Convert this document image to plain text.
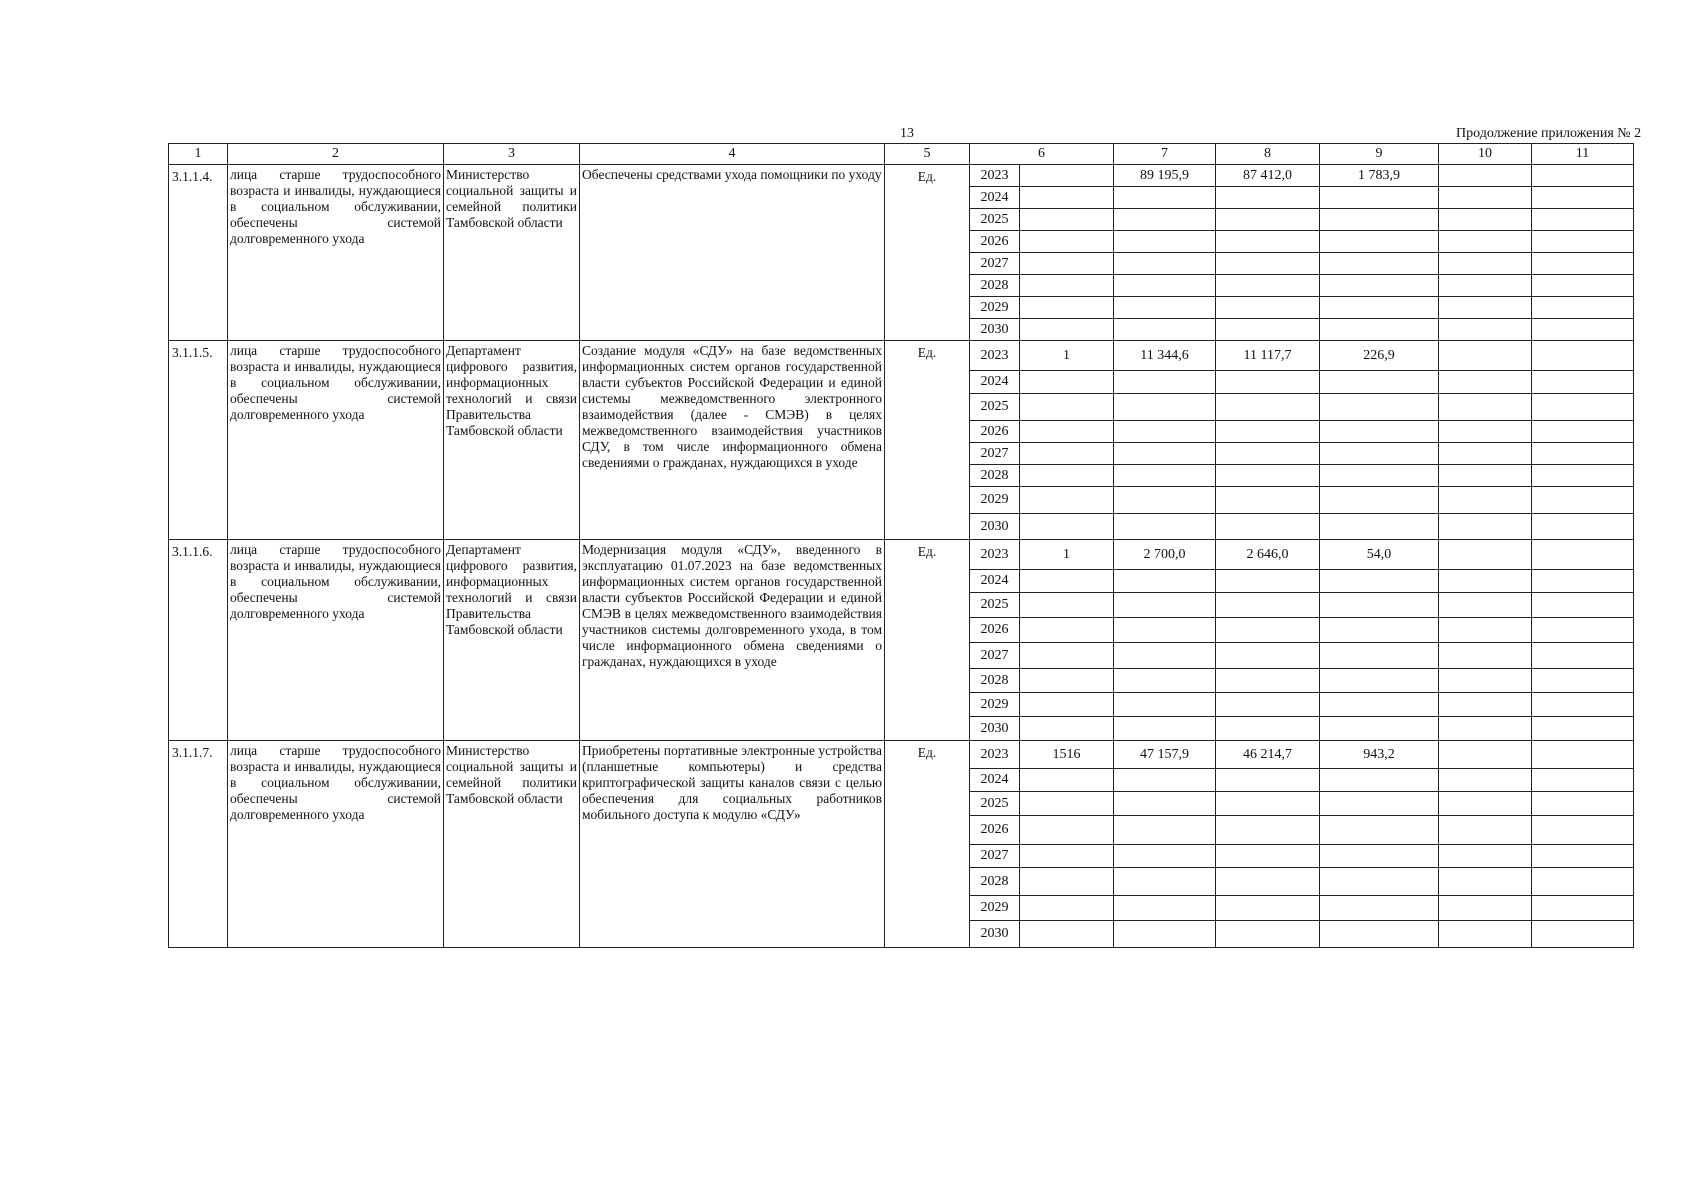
13	Продолжение приложения № 2
1	2	3	4	5	6		7	8	9	10	11
3.1.1.4.	лица старше трудоспособного возраста и инвалиды, нуждающиеся в социальном обслуживании, обеспечены системой долговременного ухода	Министерство социальной защиты и семейной политики Тамбовской области	Обеспечены средствами ухода помощники по уходу	Ед.	2023		89 195,9	87 412,0	1 783,9		
					2024						
					2025						
					2026						
					2027						
					2028						
					2029						
					2030						
3.1.1.5.	лица старше трудоспособного возраста и инвалиды, нуждающиеся в социальном обслуживании, обеспечены системой долговременного ухода	Департамент цифрового развития, информационных технологий и связи Правительства Тамбовской области	Создание модуля «СДУ» на базе ведомственных информационных систем органов государственной власти субъектов Российской Федерации и единой системы межведомственного электронного взаимодействия (далее - СМЭВ) в целях межведомственного взаимодействия участников СДУ, в том числе информационного обмена сведениями о гражданах, нуждающихся в уходе	Ед.	2023	1	11 344,6	11 117,7	226,9		
					2024						
					2025						
					2026						
					2027						
					2028						
					2029						
					2030						
3.1.1.6.	лица старше трудоспособного возраста и инвалиды, нуждающиеся в социальном обслуживании, обеспечены системой долговременного ухода	Департамент цифрового развития, информационных технологий и связи Правительства Тамбовской области	Модернизация модуля «СДУ», введенного в эксплуатацию 01.07.2023 на базе ведомственных информационных систем органов государственной власти субъектов Российской Федерации и единой СМЭВ в целях межведомственного взаимодействия участников системы долговременного ухода, в том числе информационного обмена сведениями о гражданах, нуждающихся в уходе	Ед.	2023	1	2 700,0	2 646,0	54,0		
					2024						
					2025						
					2026						
					2027						
					2028						
					2029						
					2030						
3.1.1.7.	лица старше трудоспособного возраста и инвалиды, нуждающиеся в социальном обслуживании, обеспечены системой долговременного ухода	Министерство социальной защиты и семейной политики Тамбовской области	Приобретены портативные электронные устройства (планшетные компьютеры) и средства криптографической защиты каналов связи с целью обеспечения для социальных работников мобильного доступа к модулю «СДУ»	Ед.	2023	1516	47 157,9	46 214,7	943,2		
					2024						
					2025						
					2026						
					2027						
					2028						
					2029						
					2030						
